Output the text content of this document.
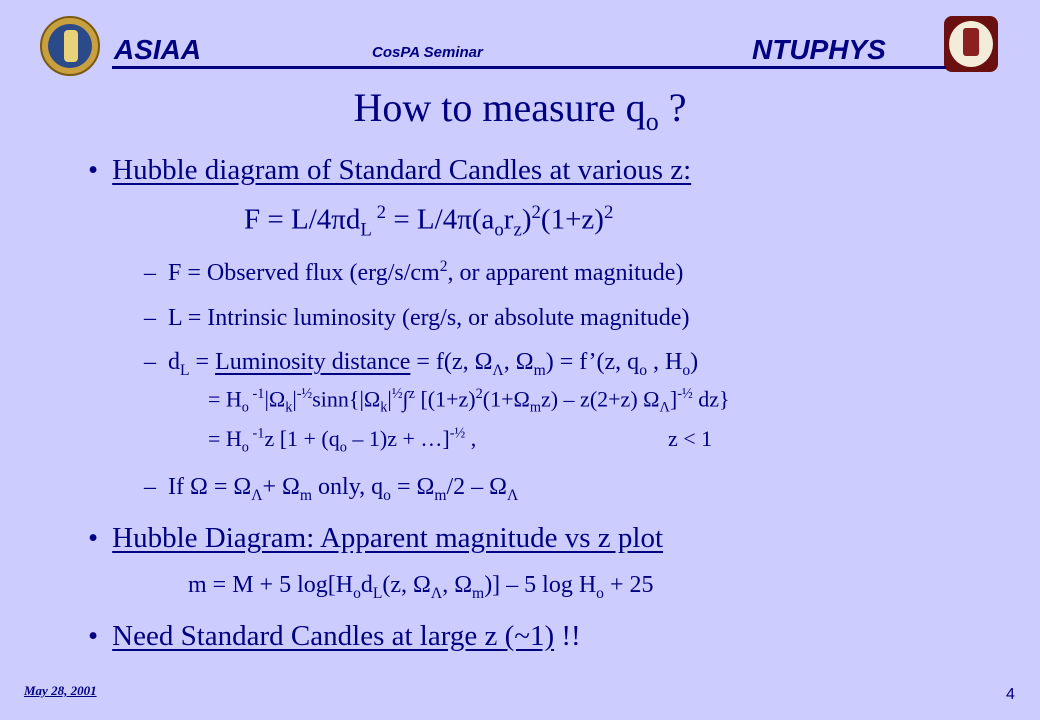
ASIAA	CosPA Seminar	NTUPHYS
How to measure $q_o$ ?
• Hubble diagram of Standard Candles at various z:
$F = L/4\pi d_L$ $^2 = L/4\pi(a_or_z)^2(1+z)^2$
– F = Observed flux ($erg/s/cm^2$, or apparent magnitude)
– L = Intrinsic luminosity (erg/s, or absolute magnitude)
– $d_L$ = Luminosity distance = f(z, $\Omega_\Lambda$, $\Omega_m$) = f’(z, $q_o$ , $H_o$)
= $H_o$ $^{-1}|\Omega_k|^{-\frac{1}{2}}\sin n\{|\Omega_k|^{\frac{1}{2}}\int^z$ [$(1+z)^2(1+\Omega_mz) - z(2+z)$ $\Omega_\Lambda]^{-\frac{1}{2}}$ dz}
= $H_o$ $^{-1}$z [$1 + (q_o - 1)z$ + …]$^{-\frac{1}{2}}$ ,	z < 1
– If $\Omega = \Omega_\Lambda+ \Omega_m$ only, $q_o = \Omega_m/2 - \Omega_\Lambda$
• Hubble Diagram: Apparent magnitude vs z plot
m = M + 5 $\log[H_od_L(z$, $\Omega_\Lambda$, $\Omega_m)] - 5$ $\log H_o + 25$
• Need Standard Candles at large z (~1) !!
May 28, 2001	4
